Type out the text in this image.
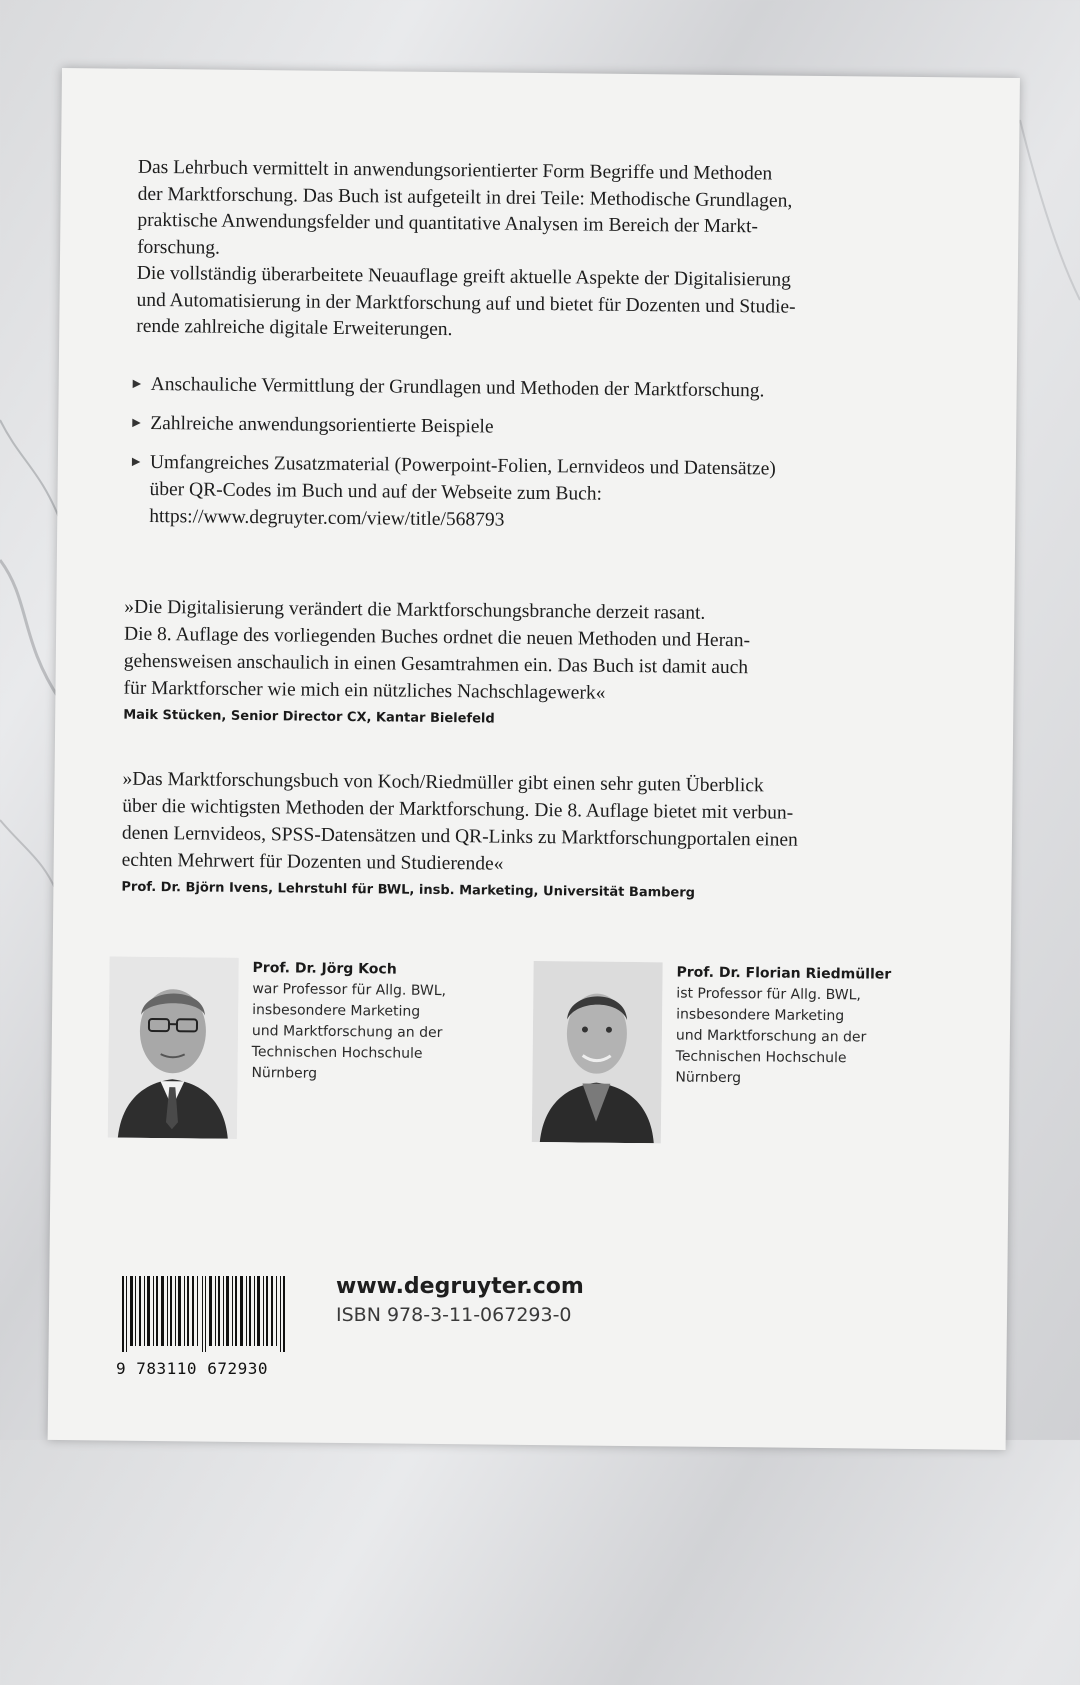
Das Lehrbuch vermittelt in anwendungsorientierter Form Begriffe und Methoden
der Marktforschung. Das Buch ist aufgeteilt in drei Teile: Methodische Grundlagen,
praktische Anwendungsfelder und quantitative Analysen im Bereich der Markt-
forschung.

Die vollständig überarbeitete Neuauflage greift aktuelle Aspekte der Digitalisierung
und Automatisierung in der Marktforschung auf und bietet für Dozenten und Studie-
rende zahlreiche digitale Erweiterungen.

▶ Anschauliche Vermittlung der Grundlagen und Methoden der Marktforschung.
▶ Zahlreiche anwendungsorientierte Beispiele
▶ Umfangreiches Zusatzmaterial (Powerpoint-Folien, Lernvideos und Datensätze)
über QR-Codes im Buch und auf der Webseite zum Buch:
https://www.degruyter.com/view/title/568793

»Die Digitalisierung verändert die Marktforschungsbranche derzeit rasant.
Die 8. Auflage des vorliegenden Buches ordnet die neuen Methoden und Heran-
gehensweisen anschaulich in einen Gesamtrahmen ein. Das Buch ist damit auch
für Marktforscher wie mich ein nützliches Nachschlagewerk«

Maik Stücken, Senior Director CX, Kantar Bielefeld

»Das Marktforschungsbuch von Koch/Riedmüller gibt einen sehr guten Überblick
über die wichtigsten Methoden der Marktforschung. Die 8. Auflage bietet mit verbun-
denen Lernvideos, SPSS-Datensätzen und QR-Links zu Marktforschungportalen einen
echten Mehrwert für Dozenten und Studierende«

Prof. Dr. Björn Ivens, Lehrstuhl für BWL, insb. Marketing, Universität Bamberg
Prof. Dr. Jörg Koch
war Professor für Allg. BWL,
insbesondere Marketing
und Marktforschung an der
Technischen Hochschule
Nürnberg
Prof. Dr. Florian Riedmüller
ist Professor für Allg. BWL,
insbesondere Marketing
und Marktforschung an der
Technischen Hochschule
Nürnberg
9 783110 672930
www.degruyter.com
ISBN 978-3-11-067293-0
